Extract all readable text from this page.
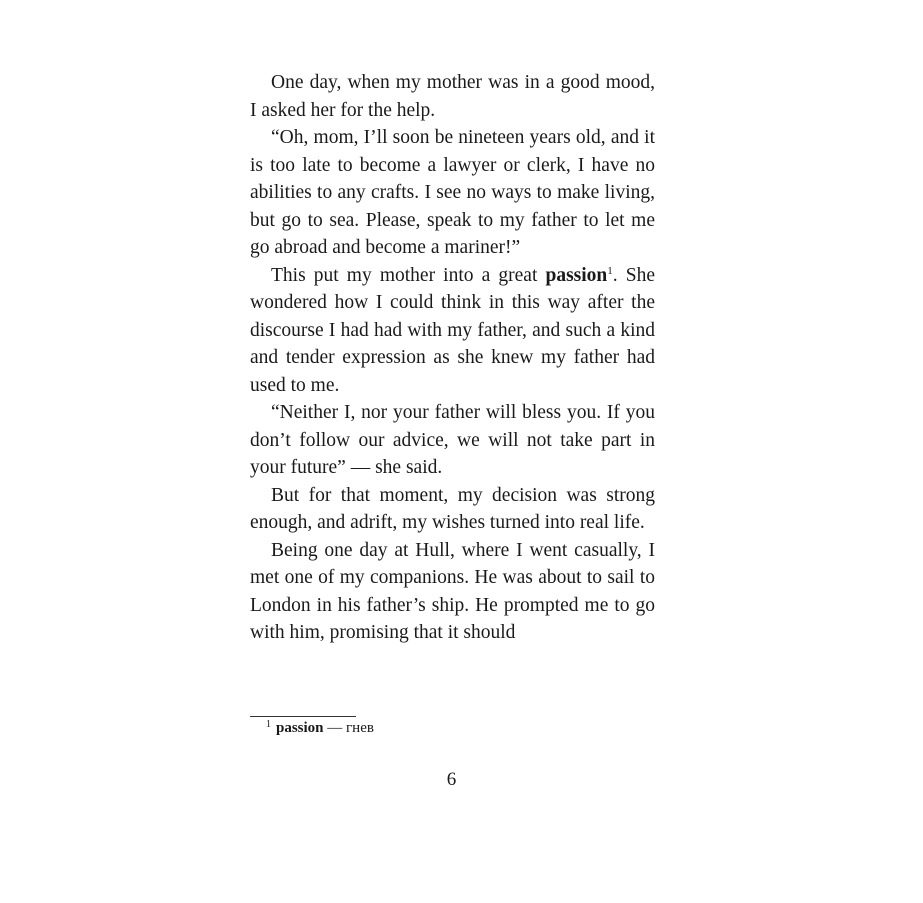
One day, when my mother was in a good mood, I asked her for the help.

“Oh, mom, I’ll soon be nineteen years old, and it is too late to become a lawyer or clerk, I have no abilities to any crafts. I see no ways to make living, but go to sea. Please, speak to my father to let me go abroad and become a mariner!”

This put my mother into a great passion$^1$. She wondered how I could think in this way after the discourse I had had with my father, and such a kind and tender expression as she knew my father had used to me.

“Neither I, nor your father will bless you. If you don’t follow our advice, we will not take part in your future” — she said.

But for that moment, my decision was strong enough, and adrift, my wishes turned into real life.

Being one day at Hull, where I went casually, I met one of my companions. He was about to sail to London in his father’s ship. He prompted me to go with him, promising that it should

$^1$ passion — гнев
6
